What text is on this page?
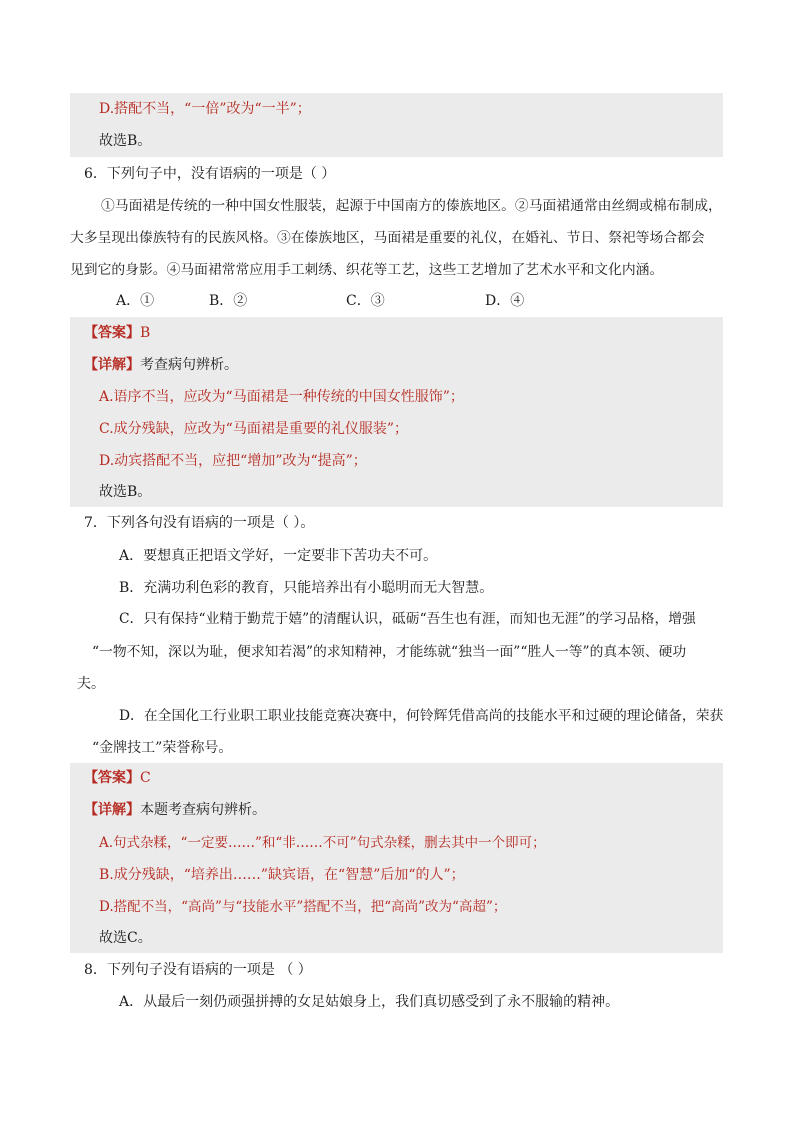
D.搭配不当，“一倍”改为“一半”；
故选B。
6．下列句子中，没有语病的一项是（ ）
①马面裙是传统的一种中国女性服装，起源于中国南方的傣族地区。②马面裙通常由丝绸或棉布制成，
大多呈现出傣族特有的民族风格。③在傣族地区，马面裙是重要的礼仪，在婚礼、节日、祭祀等场合都会
见到它的身影。④马面裙常常应用手工刺绣、织花等工艺，这些工艺增加了艺术水平和文化内涵。
A．①	B．②	C．③	D．④
【答案】B
【详解】考查病句辨析。
A.语序不当，应改为“马面裙是一种传统的中国女性服饰”；
C.成分残缺，应改为“马面裙是重要的礼仪服装”；
D.动宾搭配不当，应把“增加”改为“提高”；
故选B。
7．下列各句没有语病的一项是（ ）。
A．要想真正把语文学好，一定要非下苦功夫不可。
B．充满功利色彩的教育，只能培养出有小聪明而无大智慧。
C．只有保持“业精于勤荒于嬉”的清醒认识，砥砺“吾生也有涯，而知也无涯”的学习品格，增强
“一物不知，深以为耻，便求知若渴”的求知精神，才能练就“独当一面”“胜人一等”的真本领、硬功
夫。
D．在全国化工行业职工职业技能竞赛决赛中，何铃辉凭借高尚的技能水平和过硬的理论储备，荣获
“金牌技工”荣誉称号。
【答案】C
【详解】本题考查病句辨析。
A.句式杂糅，“一定要……”和“非……不可”句式杂糅，删去其中一个即可；
B.成分残缺，“培养出……”缺宾语，在“智慧”后加“的人”；
D.搭配不当，“高尚”与“技能水平”搭配不当，把“高尚”改为“高超”；
故选C。
8．下列句子没有语病的一项是 （ ）
A．从最后一刻仍顽强拼搏的女足姑娘身上，我们真切感受到了永不服输的精神。
